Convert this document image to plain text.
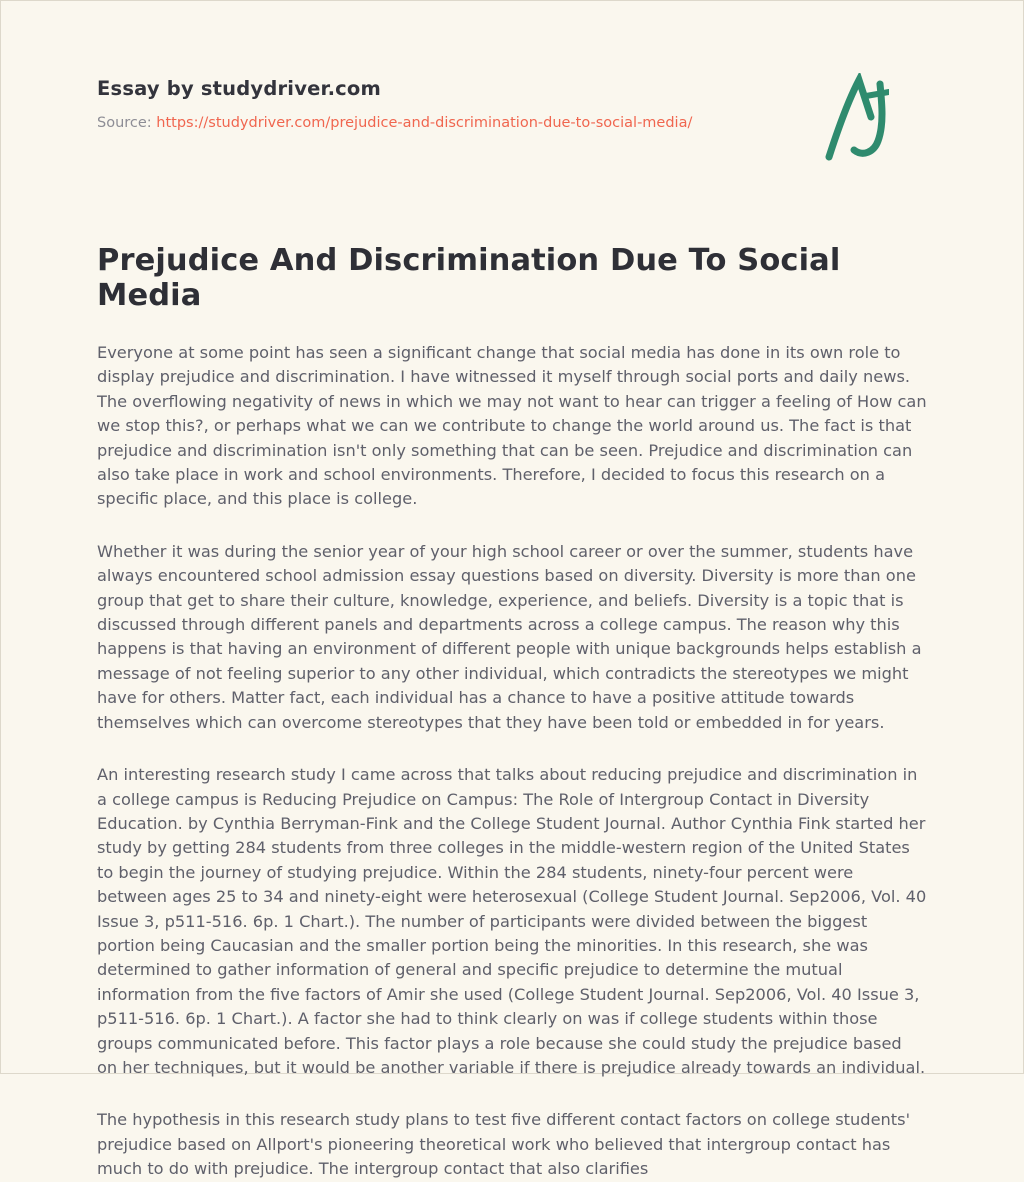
Essay by studydriver.com
Source: https://studydriver.com/prejudice-and-discrimination-due-to-social-media/
Prejudice And Discrimination Due To Social Media

Everyone at some point has seen a significant change that social media has done in its own role to display prejudice and discrimination. I have witnessed it myself through social ports and daily news. The overflowing negativity of news in which we may not want to hear can trigger a feeling of How can we stop this?, or perhaps what we can we contribute to change the world around us. The fact is that prejudice and discrimination isn't only something that can be seen. Prejudice and discrimination can also take place in work and school environments. Therefore, I decided to focus this research on a specific place, and this place is college.

Whether it was during the senior year of your high school career or over the summer, students have always encountered school admission essay questions based on diversity. Diversity is more than one group that get to share their culture, knowledge, experience, and beliefs. Diversity is a topic that is discussed through different panels and departments across a college campus. The reason why this happens is that having an environment of different people with unique backgrounds helps establish a message of not feeling superior to any other individual, which contradicts the stereotypes we might have for others. Matter fact, each individual has a chance to have a positive attitude towards themselves which can overcome stereotypes that they have been told or embedded in for years.

An interesting research study I came across that talks about reducing prejudice and discrimination in a college campus is Reducing Prejudice on Campus: The Role of Intergroup Contact in Diversity Education. by Cynthia Berryman-Fink and the College Student Journal. Author Cynthia Fink started her study by getting 284 students from three colleges in the middle-western region of the United States to begin the journey of studying prejudice. Within the 284 students, ninety-four percent were between ages 25 to 34 and ninety-eight were heterosexual (College Student Journal. Sep2006, Vol. 40 Issue 3, p511-516. 6p. 1 Chart.). The number of participants were divided between the biggest portion being Caucasian and the smaller portion being the minorities. In this research, she was determined to gather information of general and specific prejudice to determine the mutual information from the five factors of Amir she used (College Student Journal. Sep2006, Vol. 40 Issue 3, p511-516. 6p. 1 Chart.). A factor she had to think clearly on was if college students within those groups communicated before. This factor plays a role because she could study the prejudice based on her techniques, but it would be another variable if there is prejudice already towards an individual.

The hypothesis in this research study plans to test five different contact factors on college students' prejudice based on Allport's pioneering theoretical work who believed that intergroup contact has much to do with prejudice. The intergroup contact that also clarifies
